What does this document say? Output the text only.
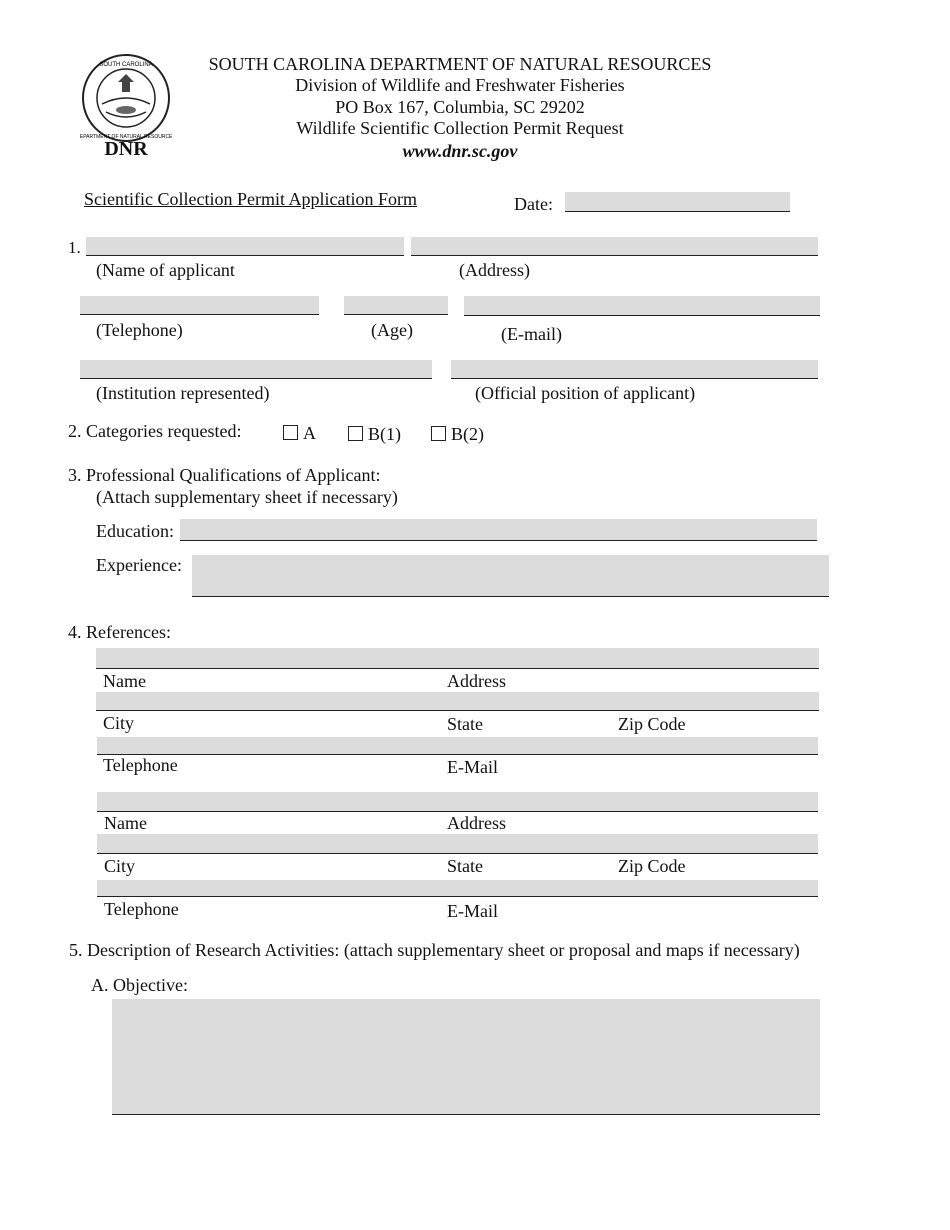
SOUTH CAROLINA
DEPARTMENT OF NATURAL RESOURCES
DNR
SOUTH CAROLINA DEPARTMENT OF NATURAL RESOURCES
Division of Wildlife and Freshwater Fisheries
PO Box 167, Columbia, SC 29202
Wildlife Scientific Collection Permit Request
www.dnr.sc.gov
Scientific Collection Permit Application Form	Date:
1.
(Name of applicant	(Address)
(Telephone)	(Age)	(E-mail)
(Institution represented)	(Official position of applicant)
2. Categories requested:	A	B(1)	B(2)
3. Professional Qualifications of Applicant:
(Attach supplementary sheet if necessary)
Education:
Experience:
4. References:
Name	Address
City	State	Zip Code
Telephone	E-Mail
Name	Address
City	State	Zip Code
Telephone	E-Mail
5. Description of Research Activities: (attach supplementary sheet or proposal and maps if necessary)
A. Objective:
